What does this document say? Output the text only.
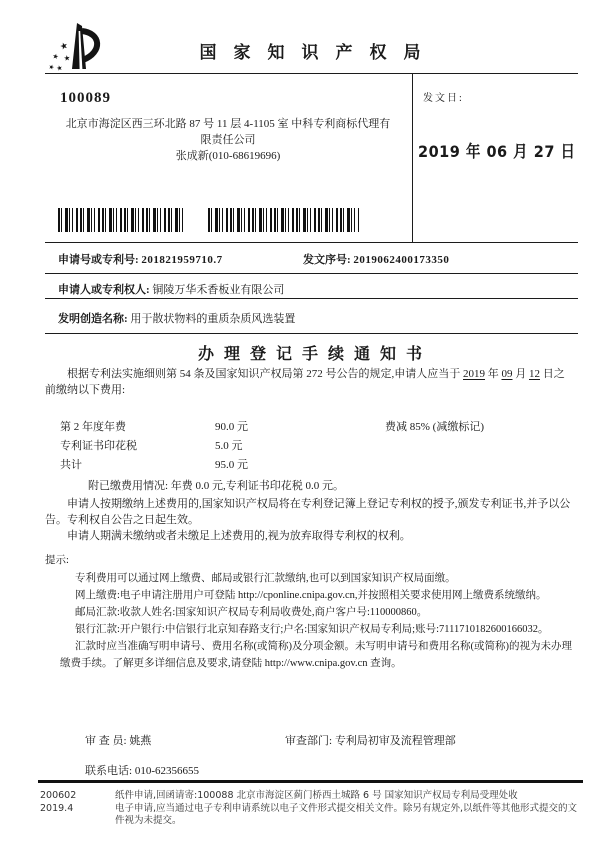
★
★ ★
★ ★
国家知识产权局
100089
北京市海淀区西三环北路 87 号 11 层 4-1105 室 中科专利商标代理有
限责任公司
张成新(010-68619696)
发文日:
2019 年 06 月 27 日
申请号或专利号: 201821959710.7	发文序号: 2019062400173350
申请人或专利权人: 铜陵万华禾香板业有限公司
发明创造名称: 用于散状物料的重质杂质风选装置
办理登记手续通知书
根据专利法实施细则第 54 条及国家知识产权局第 272 号公告的规定,申请人应当于 2019 年 09 月 12 日之前缴纳以下费用:
第 2 年度年费	90.0 元	费减 85% (减缴标记)
专利证书印花税	5.0 元
共计	95.0 元
附已缴费用情况: 年费 0.0 元,专利证书印花税 0.0 元。

申请人按期缴纳上述费用的,国家知识产权局将在专利登记簿上登记专利权的授予,颁发专利证书,并予以公告。专利权自公告之日起生效。

申请人期满未缴纳或者未缴足上述费用的,视为放弃取得专利权的权利。

提示:

专利费用可以通过网上缴费、邮局或银行汇款缴纳,也可以到国家知识产权局面缴。

网上缴费:电子申请注册用户可登陆 http://cponline.cnipa.gov.cn,并按照相关要求使用网上缴费系统缴纳。

邮局汇款:收款人姓名:国家知识产权局专利局收费处,商户客户号:110000860。

银行汇款:开户银行:中信银行北京知春路支行;户名:国家知识产权局专利局;账号:7111710182600166032。

汇款时应当准确写明申请号、费用名称(或简称)及分项金额。未写明申请号和费用名称(或简称)的视为未办理缴费手续。了解更多详细信息及要求,请登陆 http://www.cnipa.gov.cn 查询。

审 查 员: 姚燕	审查部门: 专利局初审及流程管理部
联系电话: 010-62356655
200602
2019.4
纸件申请,回函请寄:100088 北京市海淀区蓟门桥西土城路 6 号 国家知识产权局专利局受理处收
电子申请,应当通过电子专利申请系统以电子文件形式提交相关文件。除另有规定外,以纸件等其他形式提交的文件视为未提交。
